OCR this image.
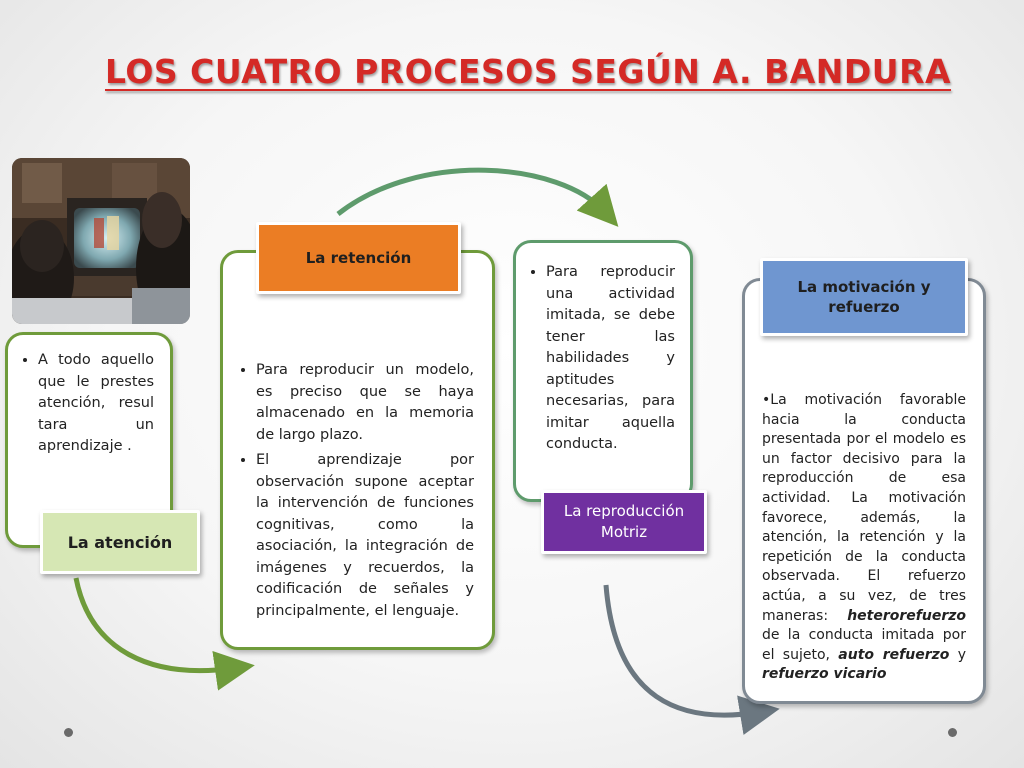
LOS CUATRO PROCESOS SEGÚN A. BANDURA
• A todo aquello que le prestes atención, resul tara un aprendizaje .
La atención
La retención
• Para reproducir un modelo, es preciso que se haya almacenado en la memoria de largo plazo.
• El aprendizaje por observación supone aceptar la intervención de funciones cognitivas, como la asociación, la integración de imágenes y recuerdos, la codificación de señales y principalmente, el lenguaje.
• Para reproducir una actividad imitada, se debe tener las habilidades y aptitudes necesarias, para imitar aquella conducta.
La reproducción
Motriz
La motivación y
refuerzo
•La motivación favorable hacia la conducta presentada por el modelo es un factor decisivo para la reproducción de esa actividad. La motivación favorece, además, la atención, la retención y la repetición de la conducta observada. El refuerzo actúa, a su vez, de tres maneras: heterorefuerzo de la conducta imitada por el sujeto, auto refuerzo y refuerzo vicario
